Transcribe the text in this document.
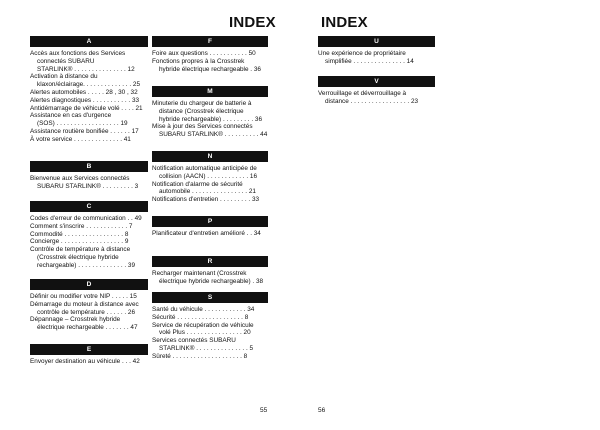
INDEX	INDEX
A
Accès aux fonctions des Services
connectés SUBARU
STARLINK® . . . . . . . . . . . . . . . 12
Activation à distance du
klaxon/éclairage. . . . . . . . . . . . . . 25
Alertes automobiles . . . . . 28 , 30 , 32
Alertes diagnostiques . . . . . . . . . . . 33
Antidémarrage de véhicule volé . . . . 21
Assistance en cas d'urgence
(SOS) . . . . . . . . . . . . . . . . . . 19
Assistance routière bonifiée . . . . . . 17
À votre service . . . . . . . . . . . . . . 41
B
Bienvenue aux Services connectés
SUBARU STARLINK® . . . . . . . . . 3
C
Codes d'erreur de communication . . 49
Comment s'inscrire . . . . . . . . . . . . 7
Commodité . . . . . . . . . . . . . . . . . 8
Concierge . . . . . . . . . . . . . . . . . . 9
Contrôle de température à distance
(Crosstrek électrique hybride
rechargeable) . . . . . . . . . . . . . . 39
D
Définir ou modifier votre NIP . . . . . 15
Démarrage du moteur à distance avec
contrôle de température . . . . . . 26
Dépannage – Crosstrek hybride
électrique rechargeable . . . . . . . 47
E
Envoyer destination au véhicule . . . 42
F
Foire aux questions . . . . . . . . . . . 50
Fonctions propres à la Crosstrek
hybride électrique rechargeable . 36
M
Minuterie du chargeur de batterie à
distance (Crosstrek électrique
hybride rechargeable) . . . . . . . . . 36
Mise à jour des Services connectés
SUBARU STARLINK® . . . . . . . . . . 44
N
Notification automatique anticipée de
collision (AACN) . . . . . . . . . . . . 16
Notification d'alarme de sécurité
automobile . . . . . . . . . . . . . . . . 21
Notifications d'entretien . . . . . . . . . 33
P
Planificateur d'entretien amélioré . . 34
R
Recharger maintenant (Crosstrek
électrique hybride rechargeable) . 38
S
Santé du véhicule . . . . . . . . . . . . 34
Sécurité . . . . . . . . . . . . . . . . . . . 8
Service de récupération de véhicule
volé Plus . . . . . . . . . . . . . . . . 20
Services connectés SUBARU
STARLINK® . . . . . . . . . . . . . . . 5
Sûreté . . . . . . . . . . . . . . . . . . . . 8
U
Une expérience de propriétaire
simplifiée . . . . . . . . . . . . . . . 14
V
Verrouillage et déverrouillage à
distance . . . . . . . . . . . . . . . . . 23
55	56
